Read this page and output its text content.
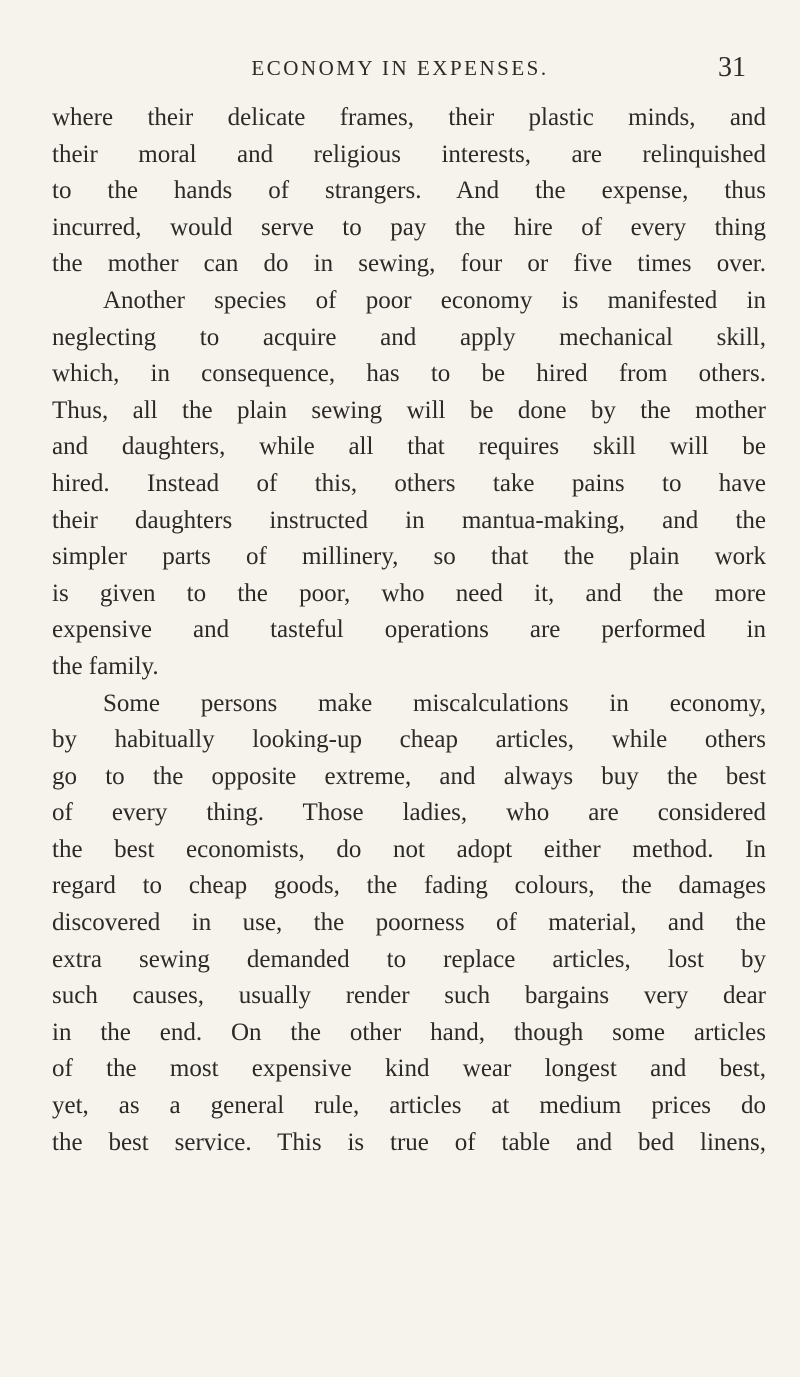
ECONOMY IN EXPENSES.	31
where their delicate frames, their plastic minds, and
their moral and religious interests, are relinquished
to the hands of strangers. And the expense, thus
incurred, would serve to pay the hire of every thing
the mother can do in sewing, four or five times over.
Another species of poor economy is manifested in
neglecting to acquire and apply mechanical skill,
which, in consequence, has to be hired from others.
Thus, all the plain sewing will be done by the mother
and daughters, while all that requires skill will be
hired. Instead of this, others take pains to have
their daughters instructed in mantua-making, and the
simpler parts of millinery, so that the plain work
is given to the poor, who need it, and the more
expensive and tasteful operations are performed in
the family.
Some persons make miscalculations in economy,
by habitually looking-up cheap articles, while others
go to the opposite extreme, and always buy the best
of every thing. Those ladies, who are considered
the best economists, do not adopt either method. In
regard to cheap goods, the fading colours, the damages
discovered in use, the poorness of material, and the
extra sewing demanded to replace articles, lost by
such causes, usually render such bargains very dear
in the end. On the other hand, though some articles
of the most expensive kind wear longest and best,
yet, as a general rule, articles at medium prices do
the best service. This is true of table and bed linens,
